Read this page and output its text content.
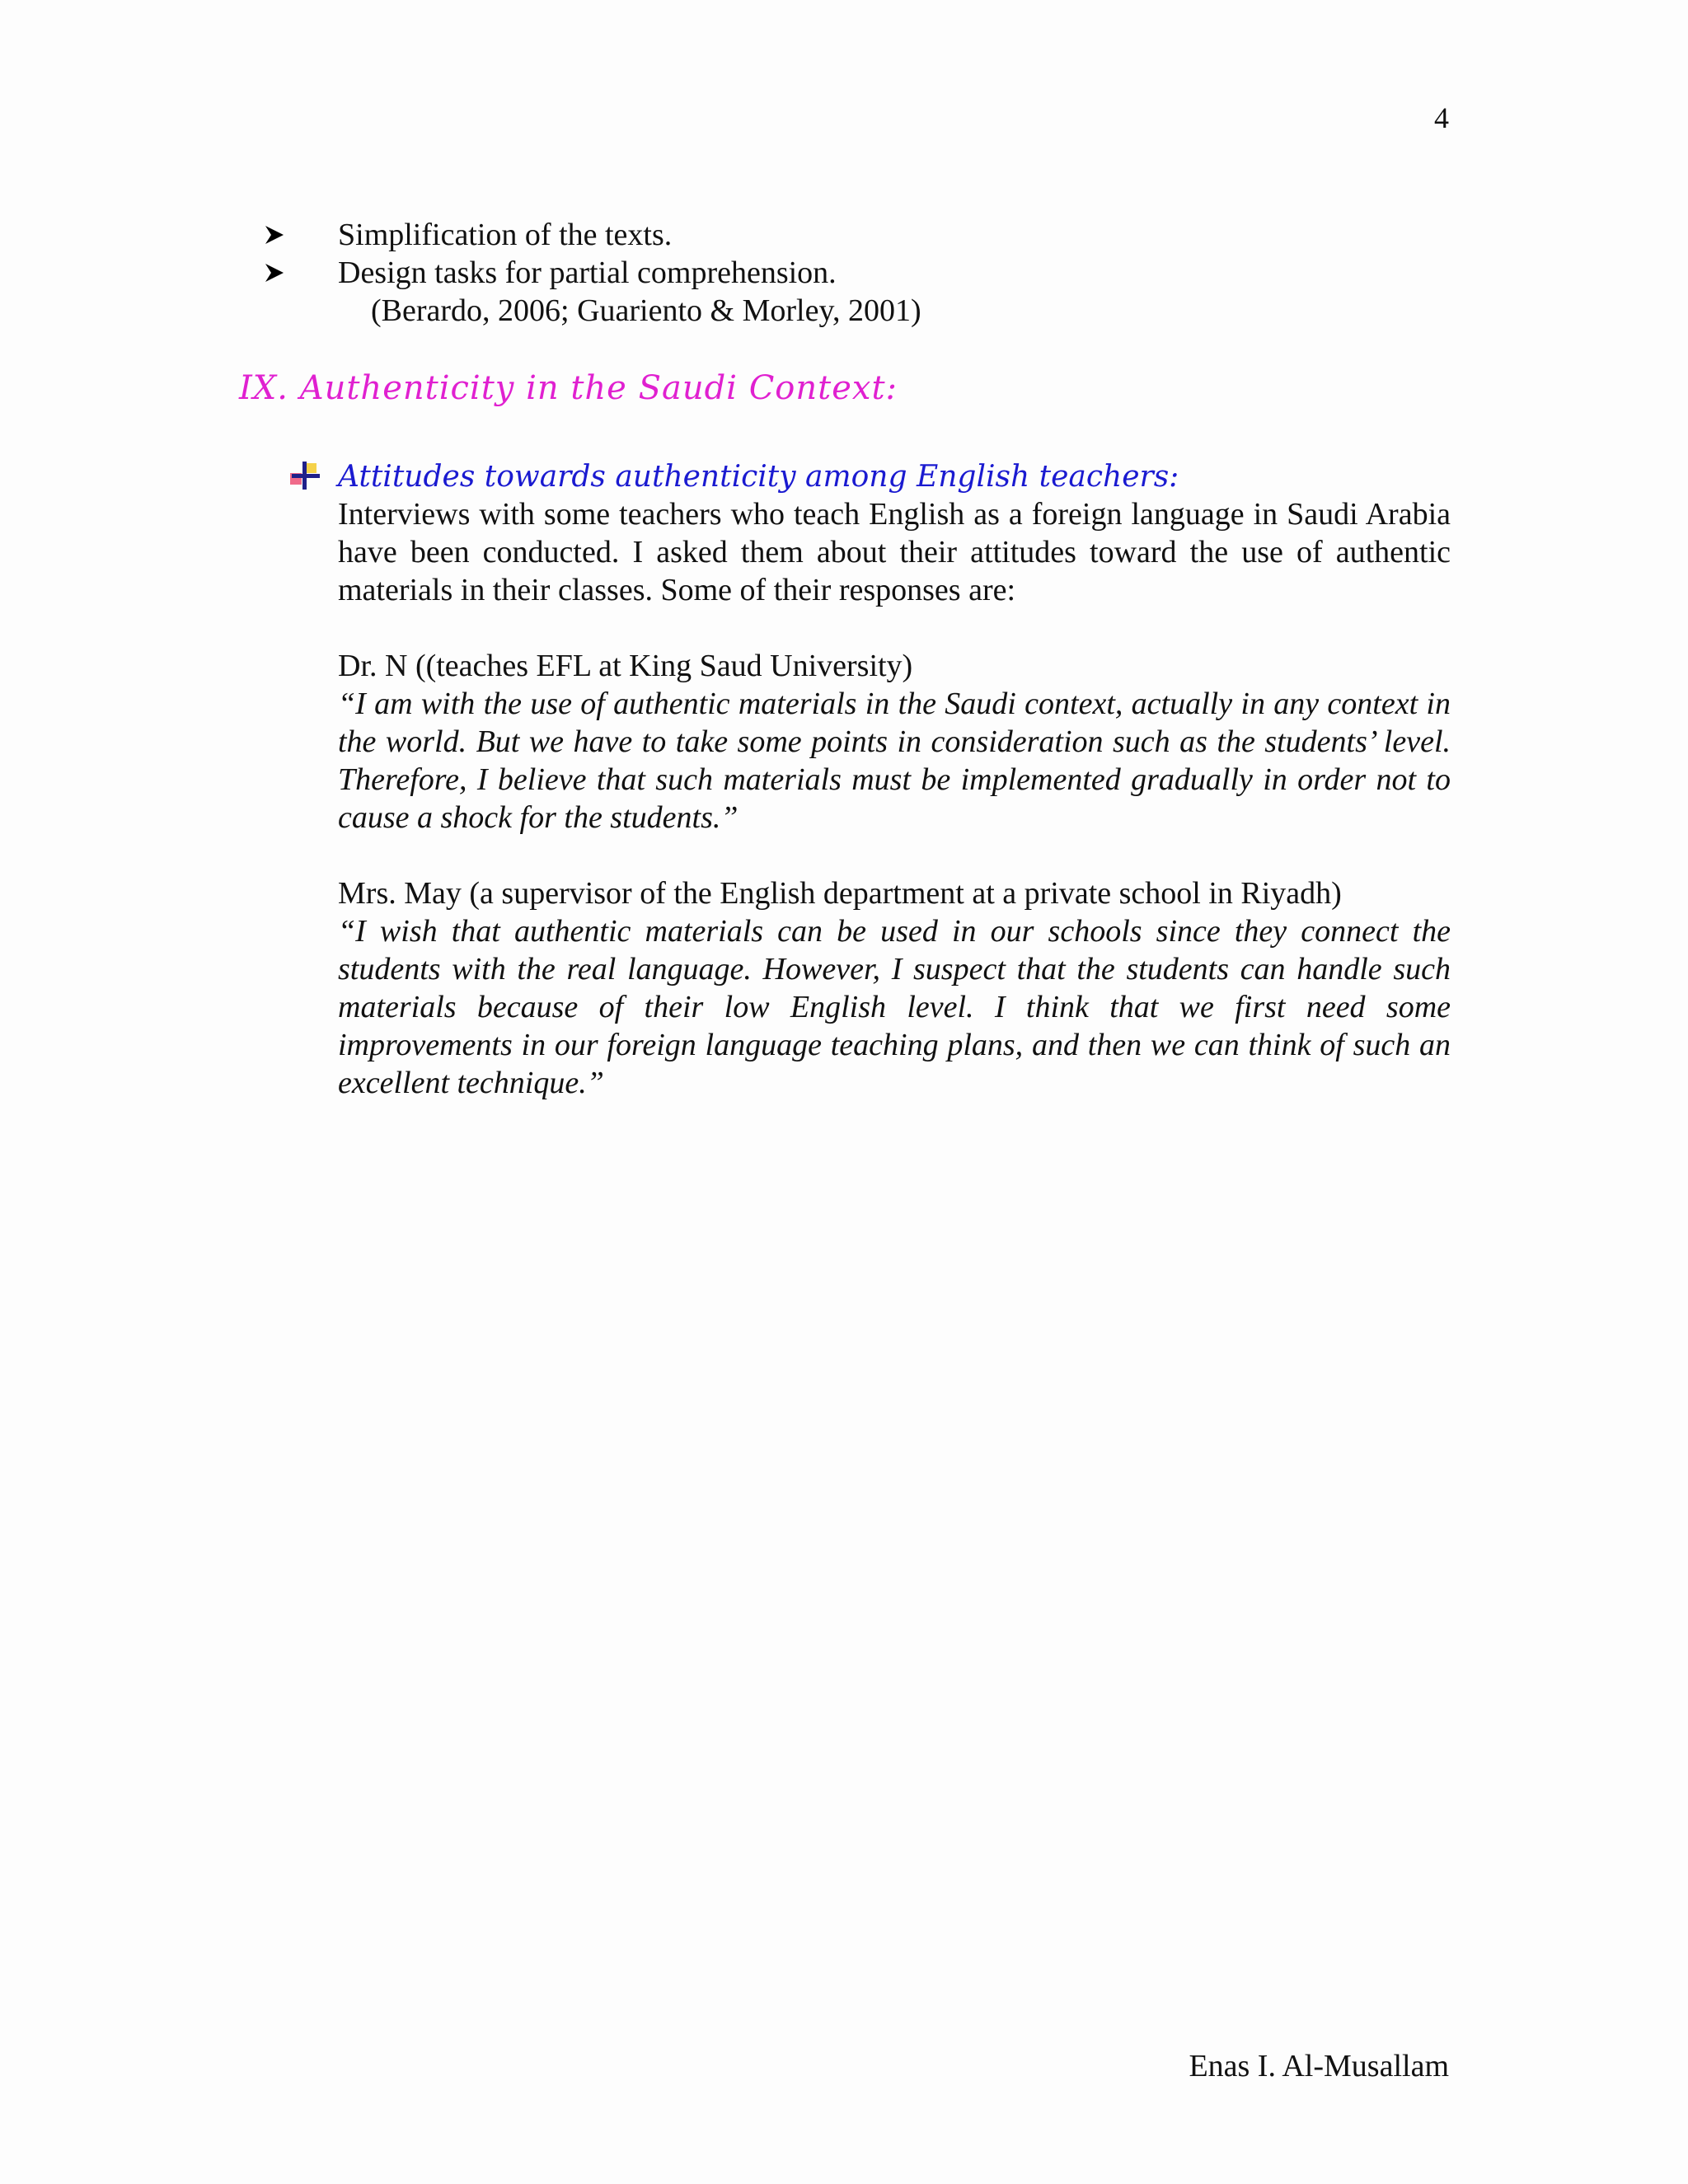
4
Simplification of the texts.
Design tasks for partial comprehension.
(Berardo, 2006; Guariento & Morley, 2001)
IX. Authenticity in the Saudi Context:
Attitudes towards authenticity among English teachers:

Interviews with some teachers who teach English as a foreign language in Saudi Arabia have been conducted. I asked them about their attitudes toward the use of authentic materials in their classes. Some of their responses are:

Dr. N ((teaches EFL at King Saud University)

“I am with the use of authentic materials in the Saudi context, actually in any context in the world. But we have to take some points in consideration such as the students’ level. Therefore, I believe that such materials must be implemented gradually in order not to cause a shock for the students.”

Mrs. May (a supervisor of the English department at a private school in Riyadh)

“I wish that authentic materials can be used in our schools since they connect the students with the real language. However, I suspect that the students can handle such materials because of their low English level. I think that we first need some improvements in our foreign language teaching plans, and then we can think of such an excellent technique.”

Enas I. Al-Musallam
